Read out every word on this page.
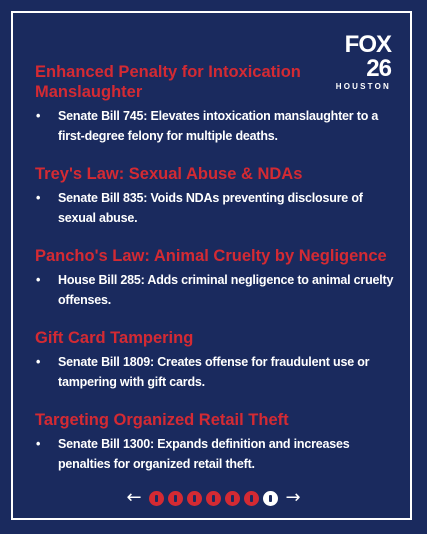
FOX 26
HOUSTON
Enhanced Penalty for Intoxication Manslaughter
• Senate Bill 745: Elevates intoxication manslaughter to a first-degree felony for multiple deaths.
Trey's Law: Sexual Abuse & NDAs
• Senate Bill 835: Voids NDAs preventing disclosure of sexual abuse.
Pancho's Law: Animal Cruelty by Negligence
• House Bill 285: Adds criminal negligence to animal cruelty offenses.
Gift Card Tampering
• Senate Bill 1809: Creates offense for fraudulent use or tampering with gift cards.
Targeting Organized Retail Theft
• Senate Bill 1300: Expands definition and increases penalties for organized retail theft.
←	→
